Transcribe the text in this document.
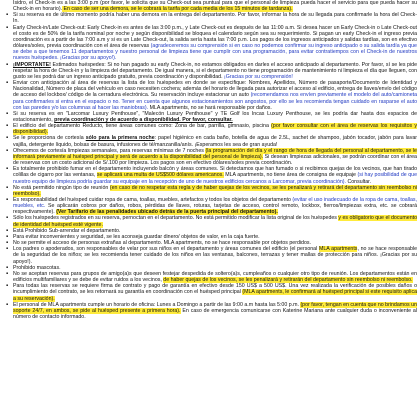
Isidro, el Check-in es a las 3:00 p.m (por favor, le solicita que su Check-out sea puntual para que el personal de limpieza pueda hacer el servicio para que pueda hacer su Check-in en horario). En caso de ser una demora, se le cobrará la tarifa por cada media de los 15 minutos de tardanza).
▪ Si su reserva es de último momento podría haber una demora en la entrega del departamento. Por favor, informar la hora de su llegada para confirmarle la hora del Check-In.
▪ Early Check-in/Late Check-out: Early Check-in es antes de las 3:00 p.m., y Late Check-out es después de las 11:00 a.m. Si desea hacer un Early Check-in o Late Check-out el costo es de 50% de la tarifa nominal por noche y según disponibilidad se bloquea el calendario según sea su requerimiento. Si pagan un early Check-in el ingreso previa coordinación es a partir de las 7:00 a.m y si es un Late Check-out, la salida sería hasta las 7:00 p.m. Los pagos de los ingresos anticipados y salidas tardías, son en efectivo dólares/soles, previa coordinación con el área de reservas (agradeceremos su comprensión si en caso no podemos confirmar su ingreso anticipado o su salida tardía ya que se debe a que tenemos 11 departamentos y nuestro personal de limpieza tiene que cumplir con una programación, para evitar contratiempos con el Check-in de nuestros nuevos huéspedes. ¡Gracias por su apoyo!).
▪ ¡IMPORTANTE! Estimados huéspedes: Si no han pagado su early Check-in, no estamos obligados en darles el acceso anticipado al departamento. Por favor, sí se les pide respetar la hora de Check-in y la limpieza del departamento. De igual manera, si el departamento no tiene programación de mantenimiento ni limpieza el día que lleguen, con gusto se les podrá dar un ingreso anticipado gratuito, previa coordinación y disponibilidad. ¡Gracias por su comprensión!
▪ Enviar con anticipación al área de reservas la lista de los huéspedes en donde se especifique: Nombres, Apellidos, Número de pasaporte/Documento de Identidad y Nacionalidad, Número de placa del vehículo en caso necesiten cochera; además del horario de llegada para autorizar el acceso al edificio, entrega de llaves/envío del código de acceso del lockbox/ código de la cerradura electrónica. Su reservación incluye estacionar un auto (recomendamos nos envíen previamente el modelo del auto/camioneta para confirmarles si entra en el espacio o no. Tener en cuenta que algunos estacionamientos son angostos, por ello se les recomienda tengan cuidado en rasparse el auto con las paredes y/o las columnas al hacer las maniobras). MLA apartments, no se hará responsable por daños.
▪ Si su reserva es en "Larcomar Luxury Penthouse", "Malecón Luxury Penthouse" y TE Golf los Incas Luxury Penthouse, se les podría dar hasta dos espacios de estacionamiento, previa coordinación y de acuerdo a disponibilidad. Por favor, consultar.
▪ El edificio del departamento Reducto, tiene áreas comunes como: Zona de bar, parrilla, gimnasio, piscina (por favor consultar con el área de reservas los requisitos y disponibilidad).
▪ Se le proporciona de cortesía sólo para la primera noche: papel higiénico en cada baño, botella de agua de 2.5L, sachet de shampoo, jabón tocador, jabón para lavar vajilla, detergente líquido, bolsas de basura, infusiones de té/manzanilla/anís. ¡Esperamos les sea de gran ayuda!
▪ Ofrecemos de cortesía limpiezas semanales, para reservas mínimas de 7 noches (la programación del día y el rango de hora de llegada del personal al departamento, se le informará previamente al huésped principal y será de acuerdo a la disponibilidad del personal de limpieza). Si desean limpiezas adicionales, se podrán coordinar con el área de reservas con un costo adicional de S/.100 por limpieza. Los pagos son en efectivo dólares/soles previa coordinación.
▪ Es totalmente prohibido fumar en el departamento incluyendo balcón y áreas comunes. Si detectamos que han fumado o si recibimos quejas de los vecinos, que han tirado colillas de cigarro por las ventanas, se aplicará una multa de US$500 dólares americanos. MLA apartments, no tiene área de consigna de equipaje (si hay posibilidad de que nuestro equipo de limpieza podría guardar su equipaje en la recepción de uno de nuestros edificios cercanos a Larcomar, previa coordinación). Consultar.
▪ No está permitido ningún tipo de reunión (en caso de no respetar esta regla y de haber quejas de los vecinos, se les penalizará y retirará del departamento sin reembolso ni reembolso).
▪ Es responsabilidad del huésped cuidar ropa de cama, toallas, muebles, artefactos y todos los objetos del departamento (evitar el uso inadecuado de la ropa de cama, toallas, muebles, etc. Se aplicarán cobros por daños, robos, pérdidas de llaves, roturas, tarjetas de acceso, control remoto, lockbox, fierros/limpiezas extra, etc. se cobrará respectivamente). (Ver Tarifario de las penalidades ubicado detrás de la puerta principal del departamento).
▪ Sólo los huéspedes registrados en su reserva, pernoctan en el departamento. No está permitido modificar la lista original de los huéspedes y es obligatorio que el documento de identidad del huésped esté vigente.
▪ Está Prohibido Sub-arrendar el departamento.
▪ Para evitar inconvenientes y seguridad, se les aconseja guardar dinero/ objetos de valor, en la caja fuerte.
▪ No se permite el acceso de personas extrañas al departamento. MLA apartments, no se hace responsable por objetos perdidos.
▪ Los padres o apoderados, son responsables de velar por sus niños en el departamento y áreas comunes del edificio (el personal MLA apartments, no se hace responsable de la seguridad de los niños; se les recomienda tener cuidado de los niños en las ventanas, balcones, terrazas y tener mallas de protección para niños. ¡Gracias por su apoyo!).
▪ Prohibido mascotas.
▪ No se aceptan reservas para grupos de amigo(a)s que deseen festejar despedida de soltero(a)s, cumpleaños o cualquier otro tipo de reunión. Los departamentos están en edificios multifamiliares y se debe de evitar ruidos a los vecinos, de haber quejas de los vecinos, se les penalizará y retirarán del departamento sin reembolso ni reembolso.
▪ Para todas las reservas se requiere firma de contrato y pago de garantía en efectivo desde 150 US$ a 500 US$. Una vez realizada la verificación de posibles daños o incumplimiento del contrato, se les retornará su garantía en coordinación con el huésped principal (MLA apartments, le confirmará al huésped principal si este requisito aplica a su reservación).
▪ El personal de MLA apartments cumple un horario de oficina: Lunes a Domingo a partir de las 9:00 a.m hasta las 5:00 p.m. (por favor, tengan en cuenta que no brindamos un soporte 24/7, en ambos, se pide al huésped presente a primera hora). En caso de emergencia comunicarse con Katerine Mariana ante cualquier duda o inconveniente al número de contacto informado.
